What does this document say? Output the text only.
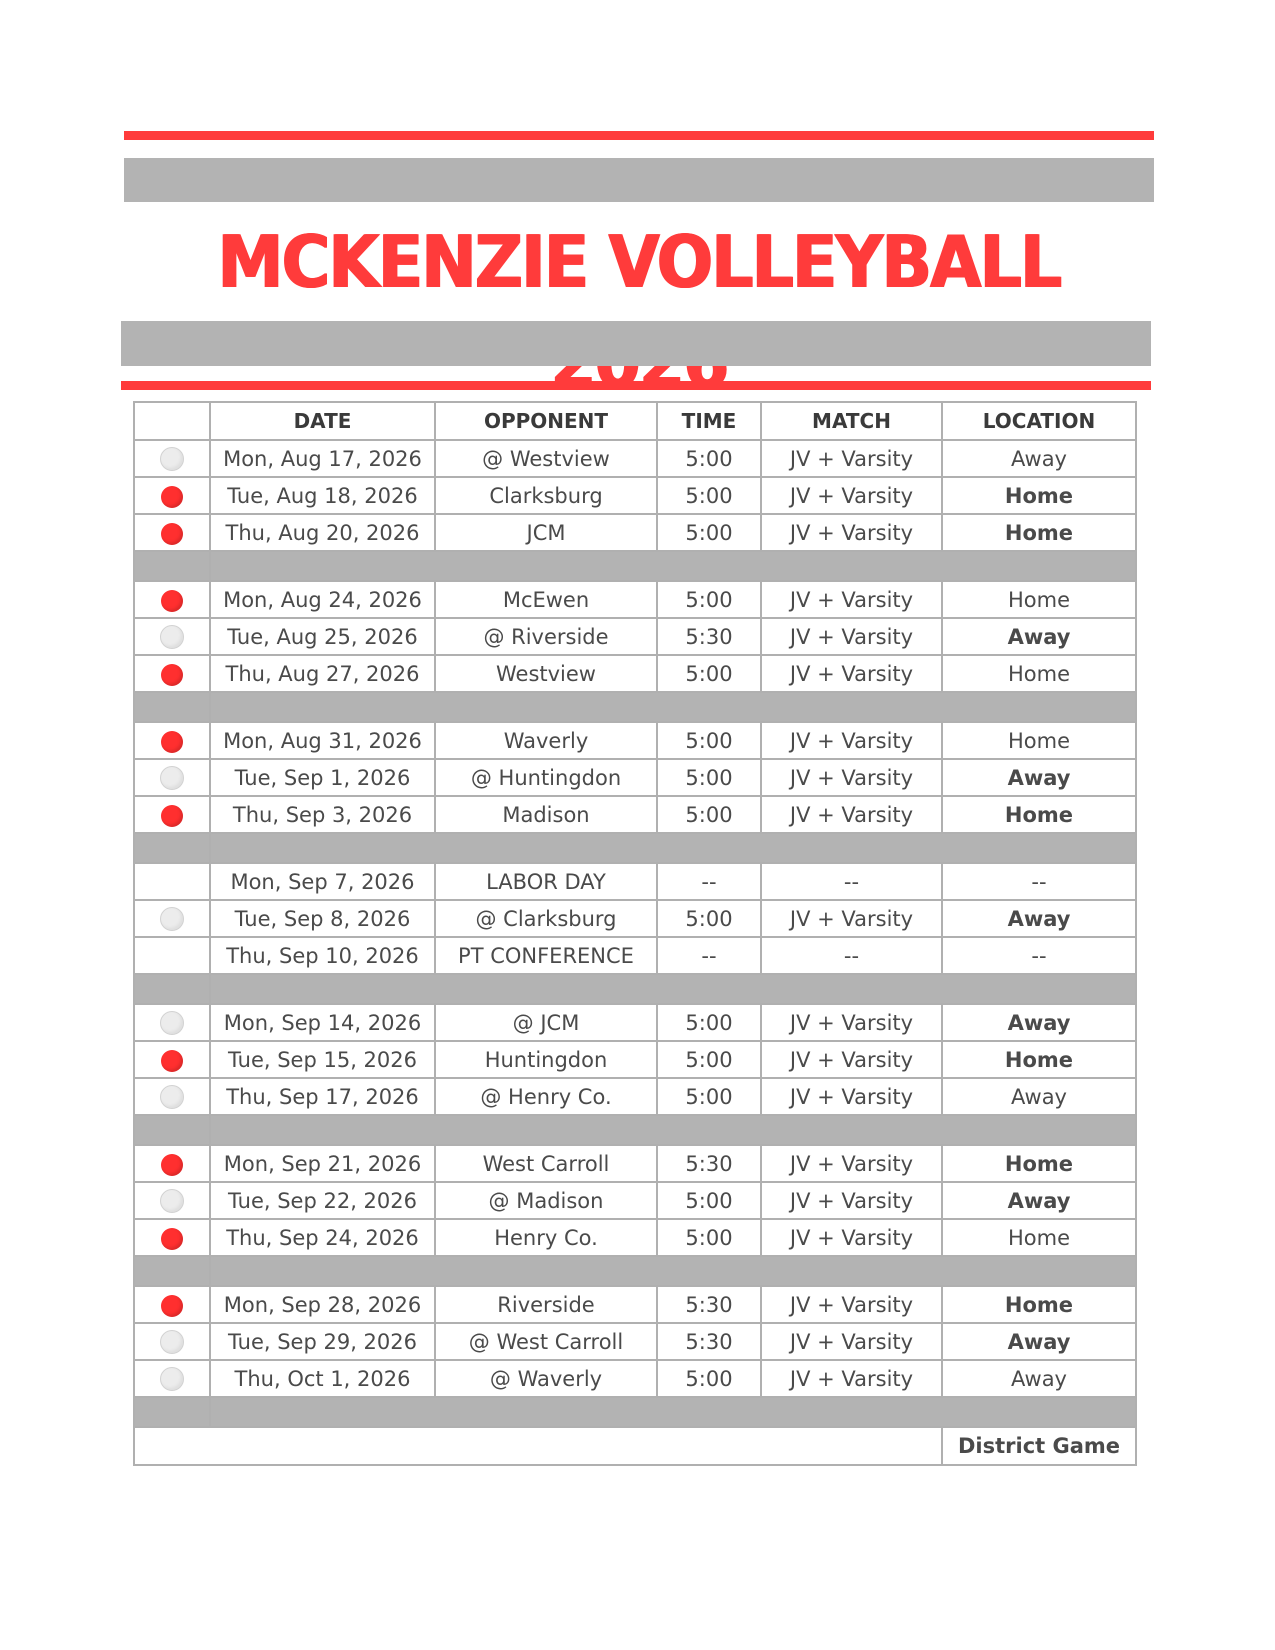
MCKENZIE VOLLEYBALL
	DATE	OPPONENT	TIME	MATCH	LOCATION
	Mon, Aug 17, 2026	@ Westview	5:00	JV + Varsity	Away
	Tue, Aug 18, 2026	Clarksburg	5:00	JV + Varsity	Home
	Thu, Aug 20, 2026	JCM	5:00	JV + Varsity	Home

	Mon, Aug 24, 2026	McEwen	5:00	JV + Varsity	Home
	Tue, Aug 25, 2026	@ Riverside	5:30	JV + Varsity	Away
	Thu, Aug 27, 2026	Westview	5:00	JV + Varsity	Home

	Mon, Aug 31, 2026	Waverly	5:00	JV + Varsity	Home
	Tue, Sep 1, 2026	@ Huntingdon	5:00	JV + Varsity	Away
	Thu, Sep 3, 2026	Madison	5:00	JV + Varsity	Home

	Mon, Sep 7, 2026	LABOR DAY	--	--	--
	Tue, Sep 8, 2026	@ Clarksburg	5:00	JV + Varsity	Away
	Thu, Sep 10, 2026	PT CONFERENCE	--	--	--

	Mon, Sep 14, 2026	@ JCM	5:00	JV + Varsity	Away
	Tue, Sep 15, 2026	Huntingdon	5:00	JV + Varsity	Home
	Thu, Sep 17, 2026	@ Henry Co.	5:00	JV + Varsity	Away

	Mon, Sep 21, 2026	West Carroll	5:30	JV + Varsity	Home
	Tue, Sep 22, 2026	@ Madison	5:00	JV + Varsity	Away
	Thu, Sep 24, 2026	Henry Co.	5:00	JV + Varsity	Home

	Mon, Sep 28, 2026	Riverside	5:30	JV + Varsity	Home
	Tue, Sep 29, 2026	@ West Carroll	5:30	JV + Varsity	Away
	Thu, Oct 1, 2026	@ Waverly	5:00	JV + Varsity	Away

					District Game
